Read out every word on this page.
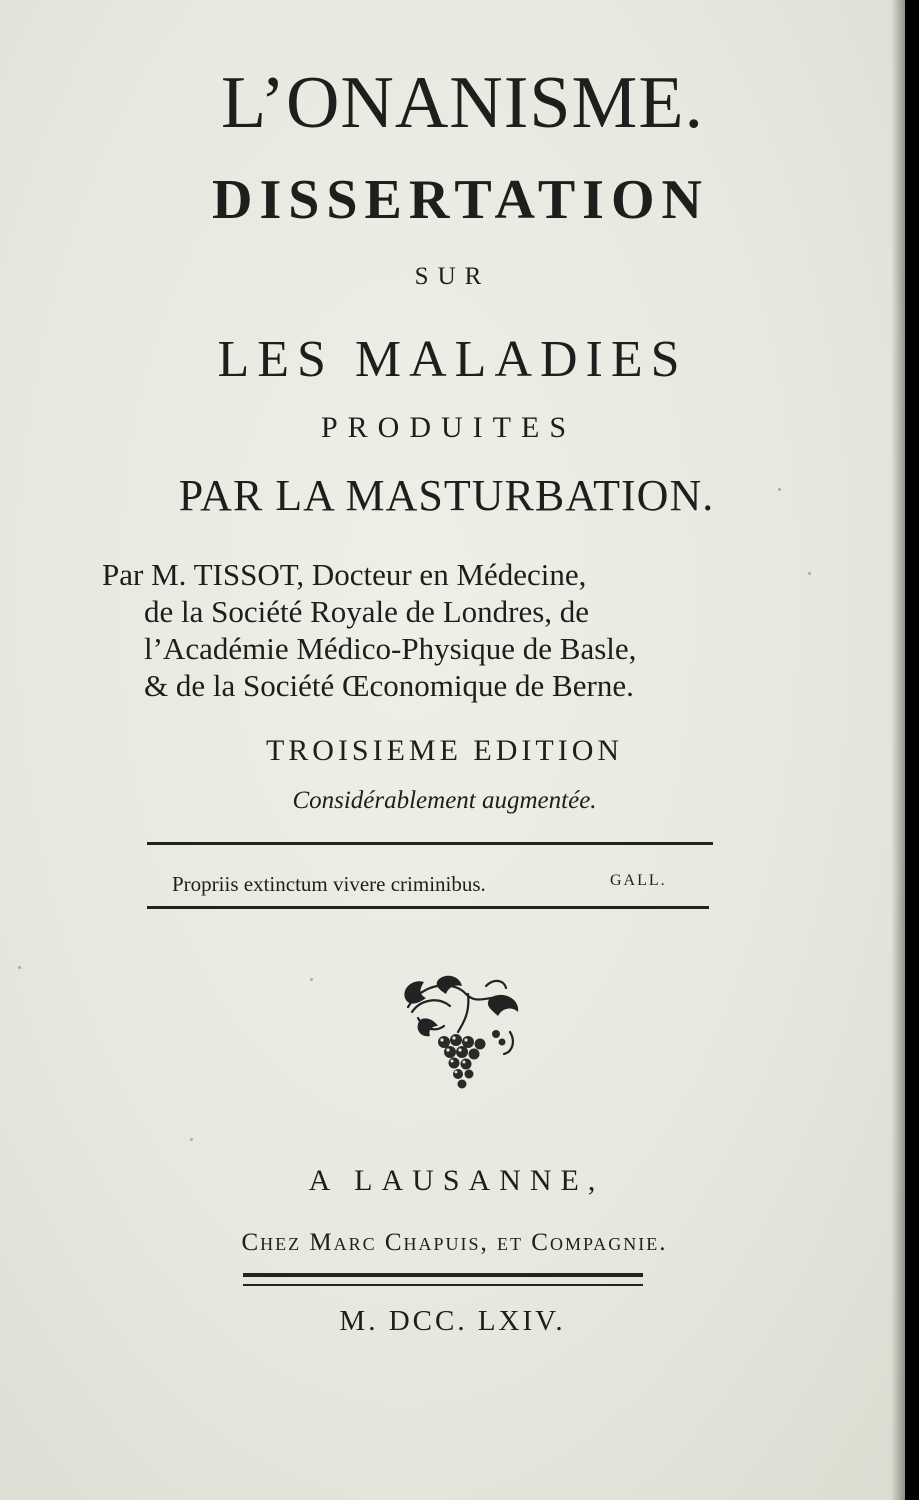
L’ONANISME.
DISSERTATION
SUR
LES MALADIES
PRODUITES
PAR LA MASTURBATION.
Par M. TISSOT, Docteur en Médecine,
de la Société Royale de Londres, de
l’Académie Médico-Physique de Basle,
& de la Société Œconomique de Berne.
TROISIEME EDITION
Considérablement augmentée.
Propriis extinctum vivere criminibus.	GALL.
A LAUSANNE,
Chez Marc Chapuis, et Compagnie.
M. DCC. LXIV.
